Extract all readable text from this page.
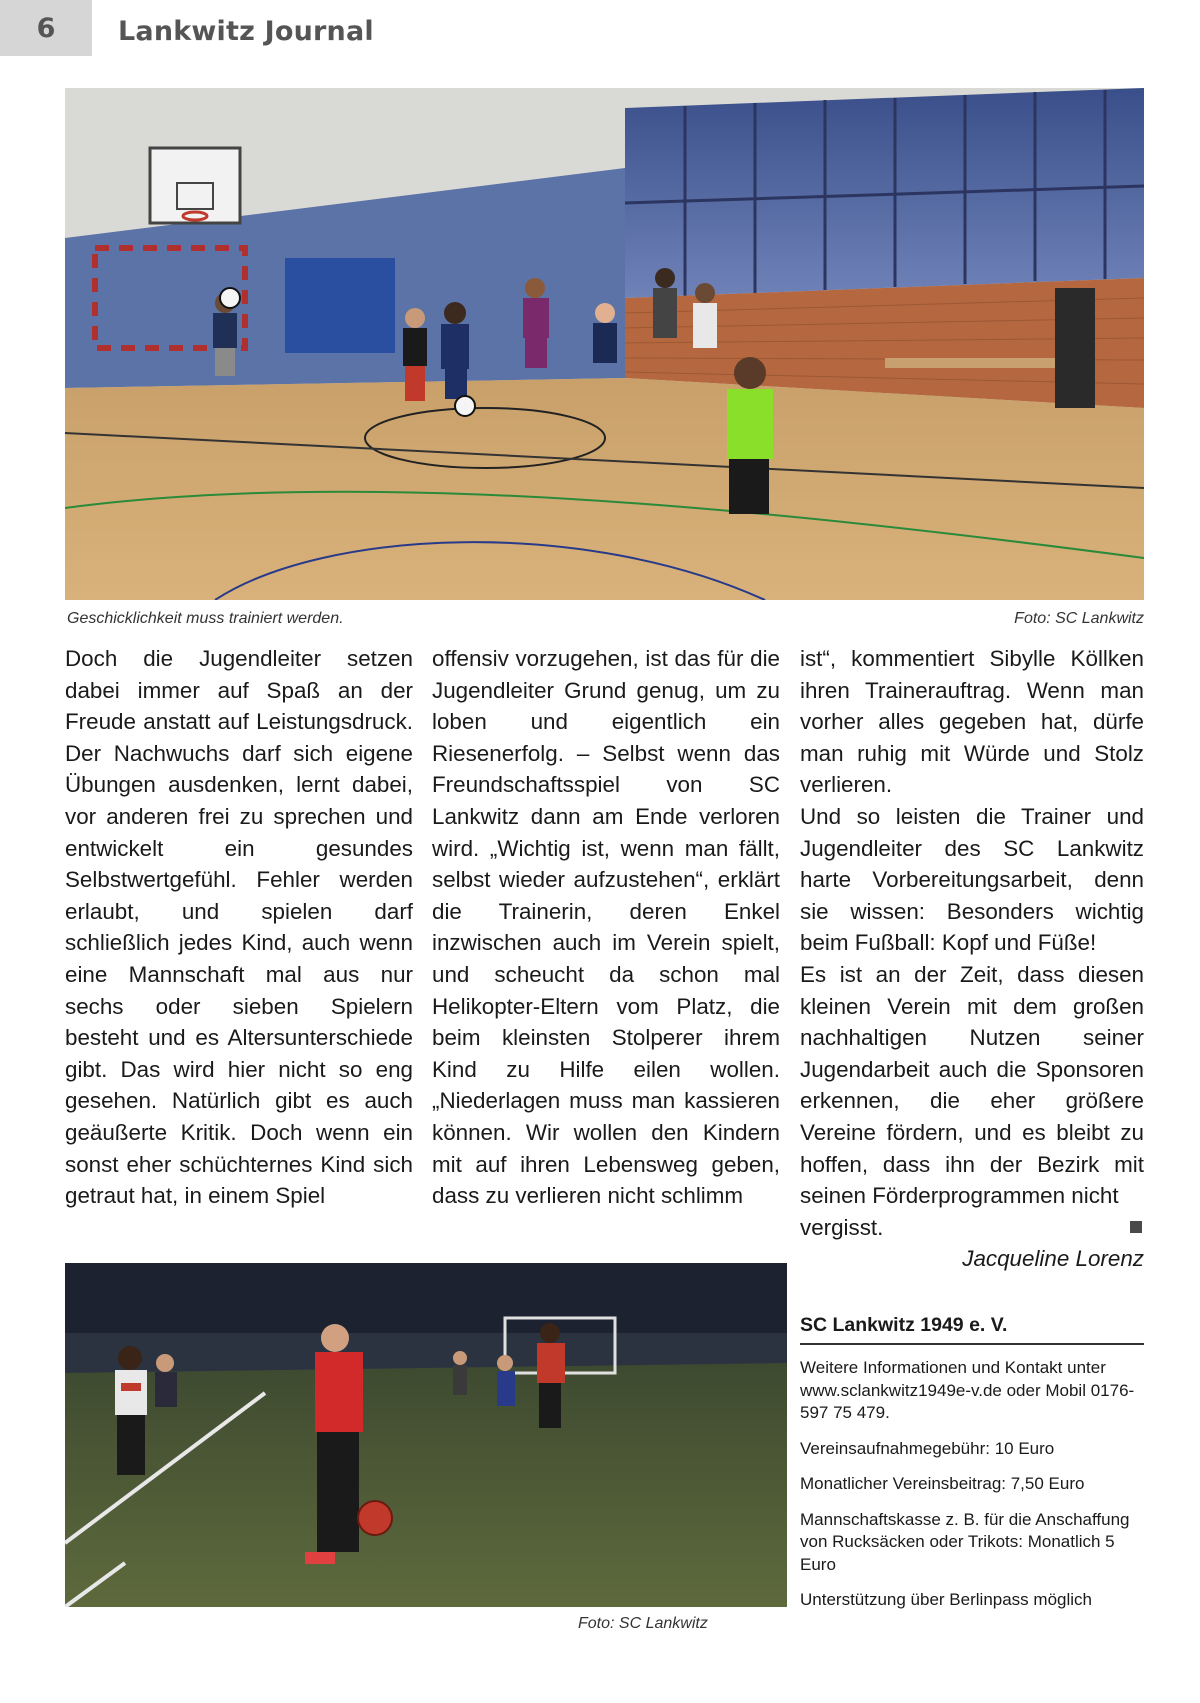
6 Lankwitz Journal
Geschicklichkeit muss trainiert werden.	Foto: SC Lankwitz

Doch die Jugendleiter setzen dabei immer auf Spaß an der Freude anstatt auf Leistungsdruck. Der Nachwuchs darf sich eigene Übungen ausdenken, lernt dabei, vor anderen frei zu sprechen und entwickelt ein gesundes Selbstwertgefühl. Fehler werden erlaubt, und spielen darf schließlich jedes Kind, auch wenn eine Mannschaft mal aus nur sechs oder sieben Spielern besteht und es Altersunterschiede gibt. Das wird hier nicht so eng gesehen. Natürlich gibt es auch geäußerte Kritik. Doch wenn ein sonst eher schüchternes Kind sich getraut hat, in einem Spiel

offensiv vorzugehen, ist das für die Jugendleiter Grund genug, um zu loben und eigentlich ein Riesenerfolg. – Selbst wenn das Freundschaftsspiel von SC Lankwitz dann am Ende verloren wird. „Wichtig ist, wenn man fällt, selbst wieder aufzustehen“, erklärt die Trainerin, deren Enkel inzwischen auch im Verein spielt, und scheucht da schon mal Helikopter-Eltern vom Platz, die beim kleinsten Stolperer ihrem Kind zu Hilfe eilen wollen. „Niederlagen muss man kassieren können. Wir wollen den Kindern mit auf ihren Lebensweg geben, dass zu verlieren nicht schlimm

ist“, kommentiert Sibylle Köllken ihren Trainerauftrag. Wenn man vorher alles gegeben hat, dürfe man ruhig mit Würde und Stolz verlieren.

Und so leisten die Trainer und Jugendleiter des SC Lankwitz harte Vorbereitungsarbeit, denn sie wissen: Besonders wichtig beim Fußball: Kopf und Füße!

Es ist an der Zeit, dass diesen kleinen Verein mit dem großen nachhaltigen Nutzen seiner Jugendarbeit auch die Sponsoren erkennen, die eher größere Vereine fördern, und es bleibt zu hoffen, dass ihn der Bezirk mit seinen Förderprogrammen nicht

vergisst.
Jacqueline Lorenz
Foto: SC Lankwitz
SC Lankwitz 1949 e. V.
Weitere Informationen und Kontakt unter www.sclankwitz1949e-v.de oder Mobil 0176-597 75 479.
Vereinsaufnahmegebühr: 10 Euro
Monatlicher Vereinsbeitrag: 7,50 Euro
Mannschaftskasse z. B. für die Anschaffung von Rucksäcken oder Trikots: Monatlich 5 Euro
Unterstützung über Berlinpass möglich
